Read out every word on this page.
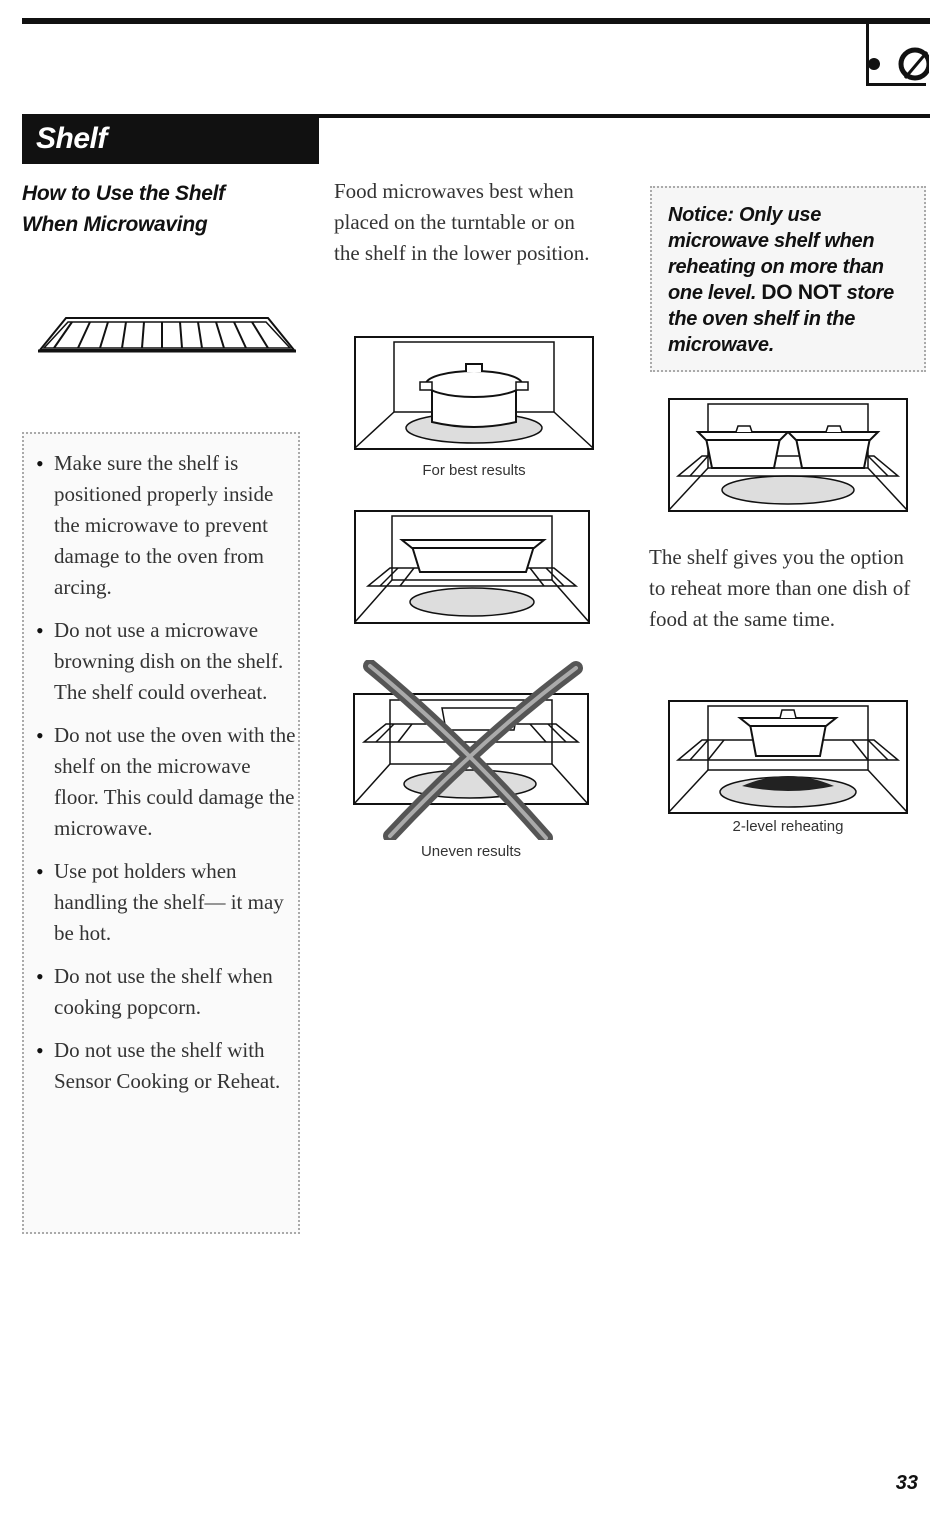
Shelf
How to Use the Shelf
When Microwaving
• Make sure the shelf is positioned properly inside the microwave to prevent damage to the oven from arcing.
• Do not use a microwave browning dish on the shelf. The shelf could overheat.
• Do not use the oven with the shelf on the microwave floor. This could damage the microwave.
• Use pot holders when handling the shelf— it may be hot.
• Do not use the shelf when cooking popcorn.
• Do not use the shelf with Sensor Cooking or Reheat.
Food microwaves best when placed on the turntable or on the shelf in the lower position.
For best results
Uneven results
Notice: Only use microwave shelf when reheating on more than one level. DO NOT store the oven shelf in the microwave.
The shelf gives you the option to reheat more than one dish of food at the same time.
2-level reheating
33
